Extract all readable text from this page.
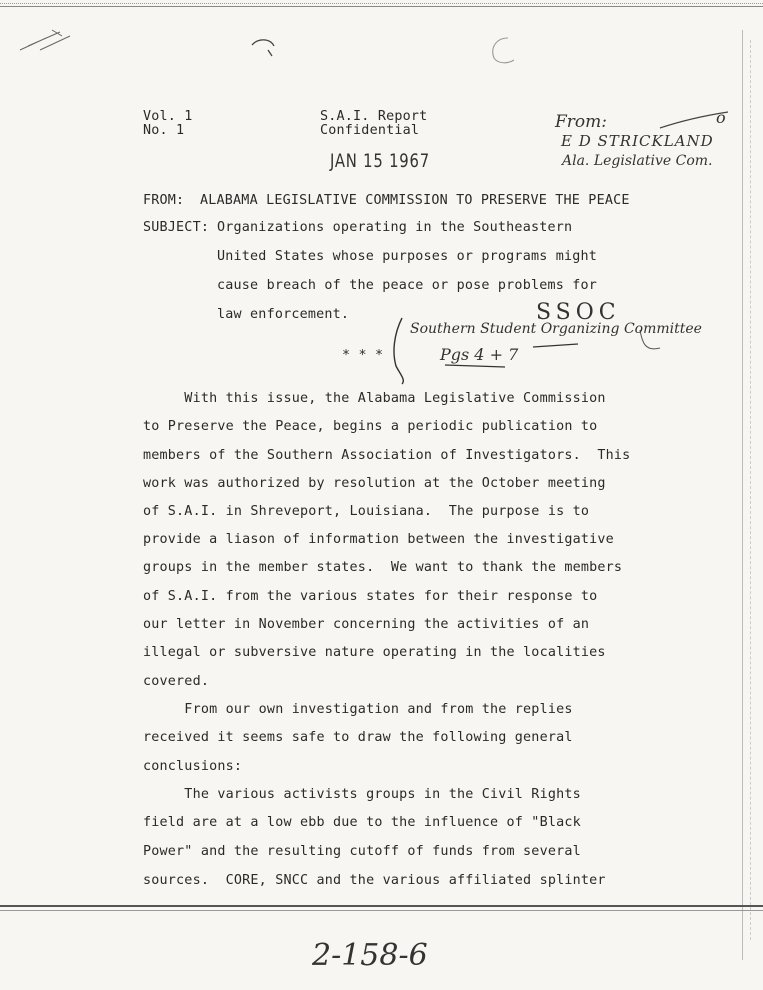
Vol. 1
No. 1
S.A.I. Report
Confidential
JAN 15 1967
From:	o
E D STRICKLAND
Ala. Legislative Com.
SSOC
Southern Student Organizing Committee
Pgs 4 + 7
FROM: ALABAMA LEGISLATIVE COMMISSION TO PRESERVE THE PEACE
SUBJECT: Organizations operating in the Southeastern
United States whose purposes or programs might
cause breach of the peace or pose problems for
law enforcement.
* * *
With this issue, the Alabama Legislative Commission
to Preserve the Peace, begins a periodic publication to
members of the Southern Association of Investigators.  This
work was authorized by resolution at the October meeting
of S.A.I. in Shreveport, Louisiana.  The purpose is to
provide a liason of information between the investigative
groups in the member states.  We want to thank the members
of S.A.I. from the various states for their response to
our letter in November concerning the activities of an
illegal or subversive nature operating in the localities
covered.
From our own investigation and from the replies
received it seems safe to draw the following general
conclusions:
The various activists groups in the Civil Rights
field are at a low ebb due to the influence of "Black
Power" and the resulting cutoff of funds from several
sources.  CORE, SNCC and the various affiliated splinter
2-158-6
